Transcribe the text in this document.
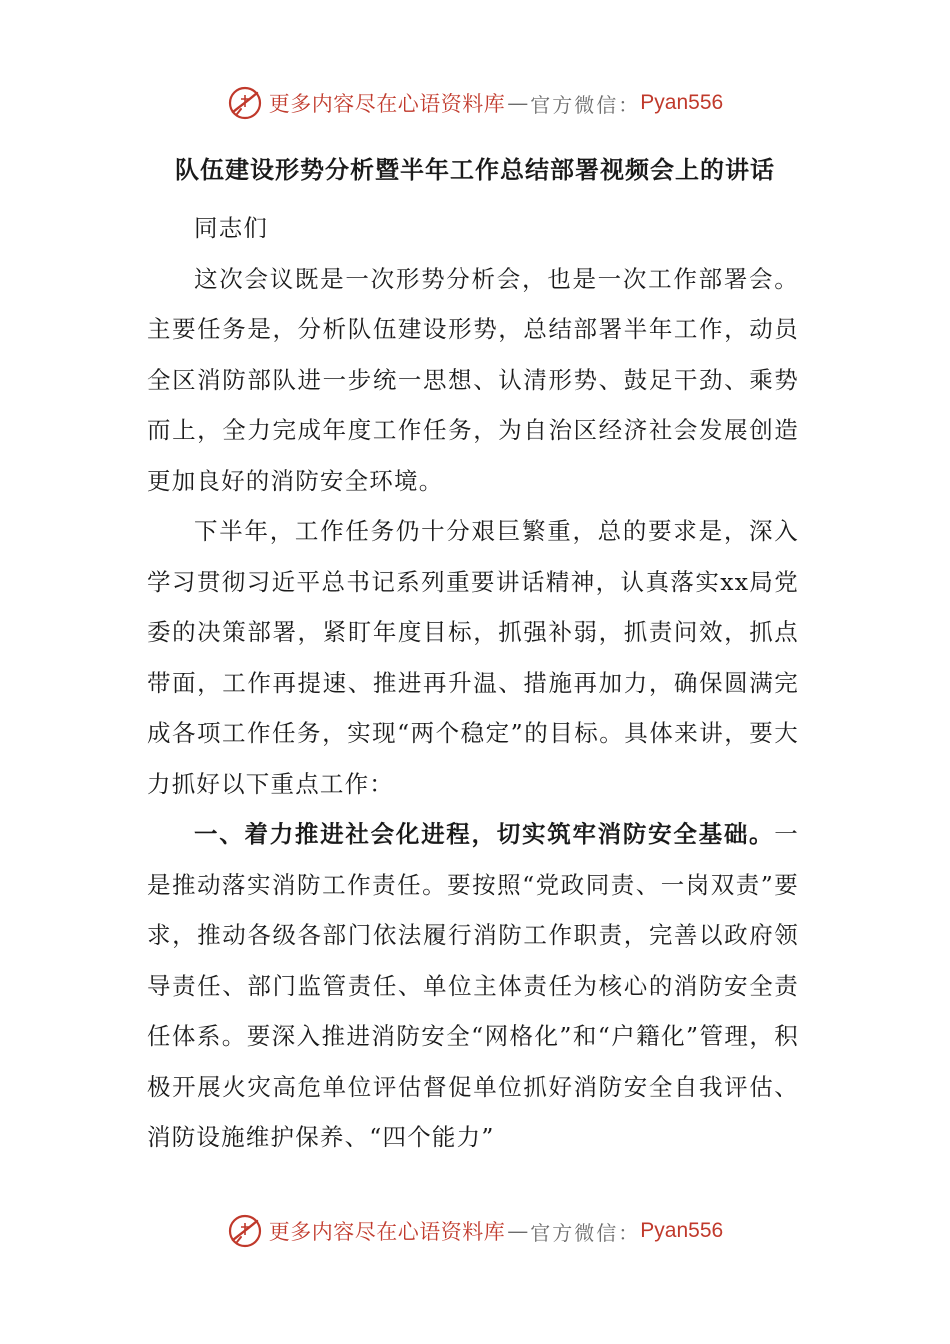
更多内容尽在心语资料库 — 官方微信： Pyan556
队伍建设形势分析暨半年工作总结部署视频会上的讲话

同志们

这次会议既是一次形势分析会，也是一次工作部署会。主要任务是，分析队伍建设形势，总结部署半年工作，动员全区消防部队进一步统一思想、认清形势、鼓足干劲、乘势而上，全力完成年度工作任务，为自治区经济社会发展创造更加良好的消防安全环境。

下半年，工作任务仍十分艰巨繁重，总的要求是，深入学习贯彻习近平总书记系列重要讲话精神，认真落实xx局党委的决策部署，紧盯年度目标，抓强补弱，抓责问效，抓点带面，工作再提速、推进再升温、措施再加力，确保圆满完成各项工作任务，实现“两个稳定”的目标。具体来讲，要大力抓好以下重点工作：

一、着力推进社会化进程，切实筑牢消防安全基础。一是推动落实消防工作责任。要按照“党政同责、一岗双责”要求，推动各级各部门依法履行消防工作职责，完善以政府领导责任、部门监管责任、单位主体责任为核心的消防安全责任体系。要深入推进消防安全“网格化”和“户籍化”管理，积极开展火灾高危单位评估督促单位抓好消防安全自我评估、消防设施维护保养、“四个能力”

更多内容尽在心语资料库 — 官方微信： Pyan556
